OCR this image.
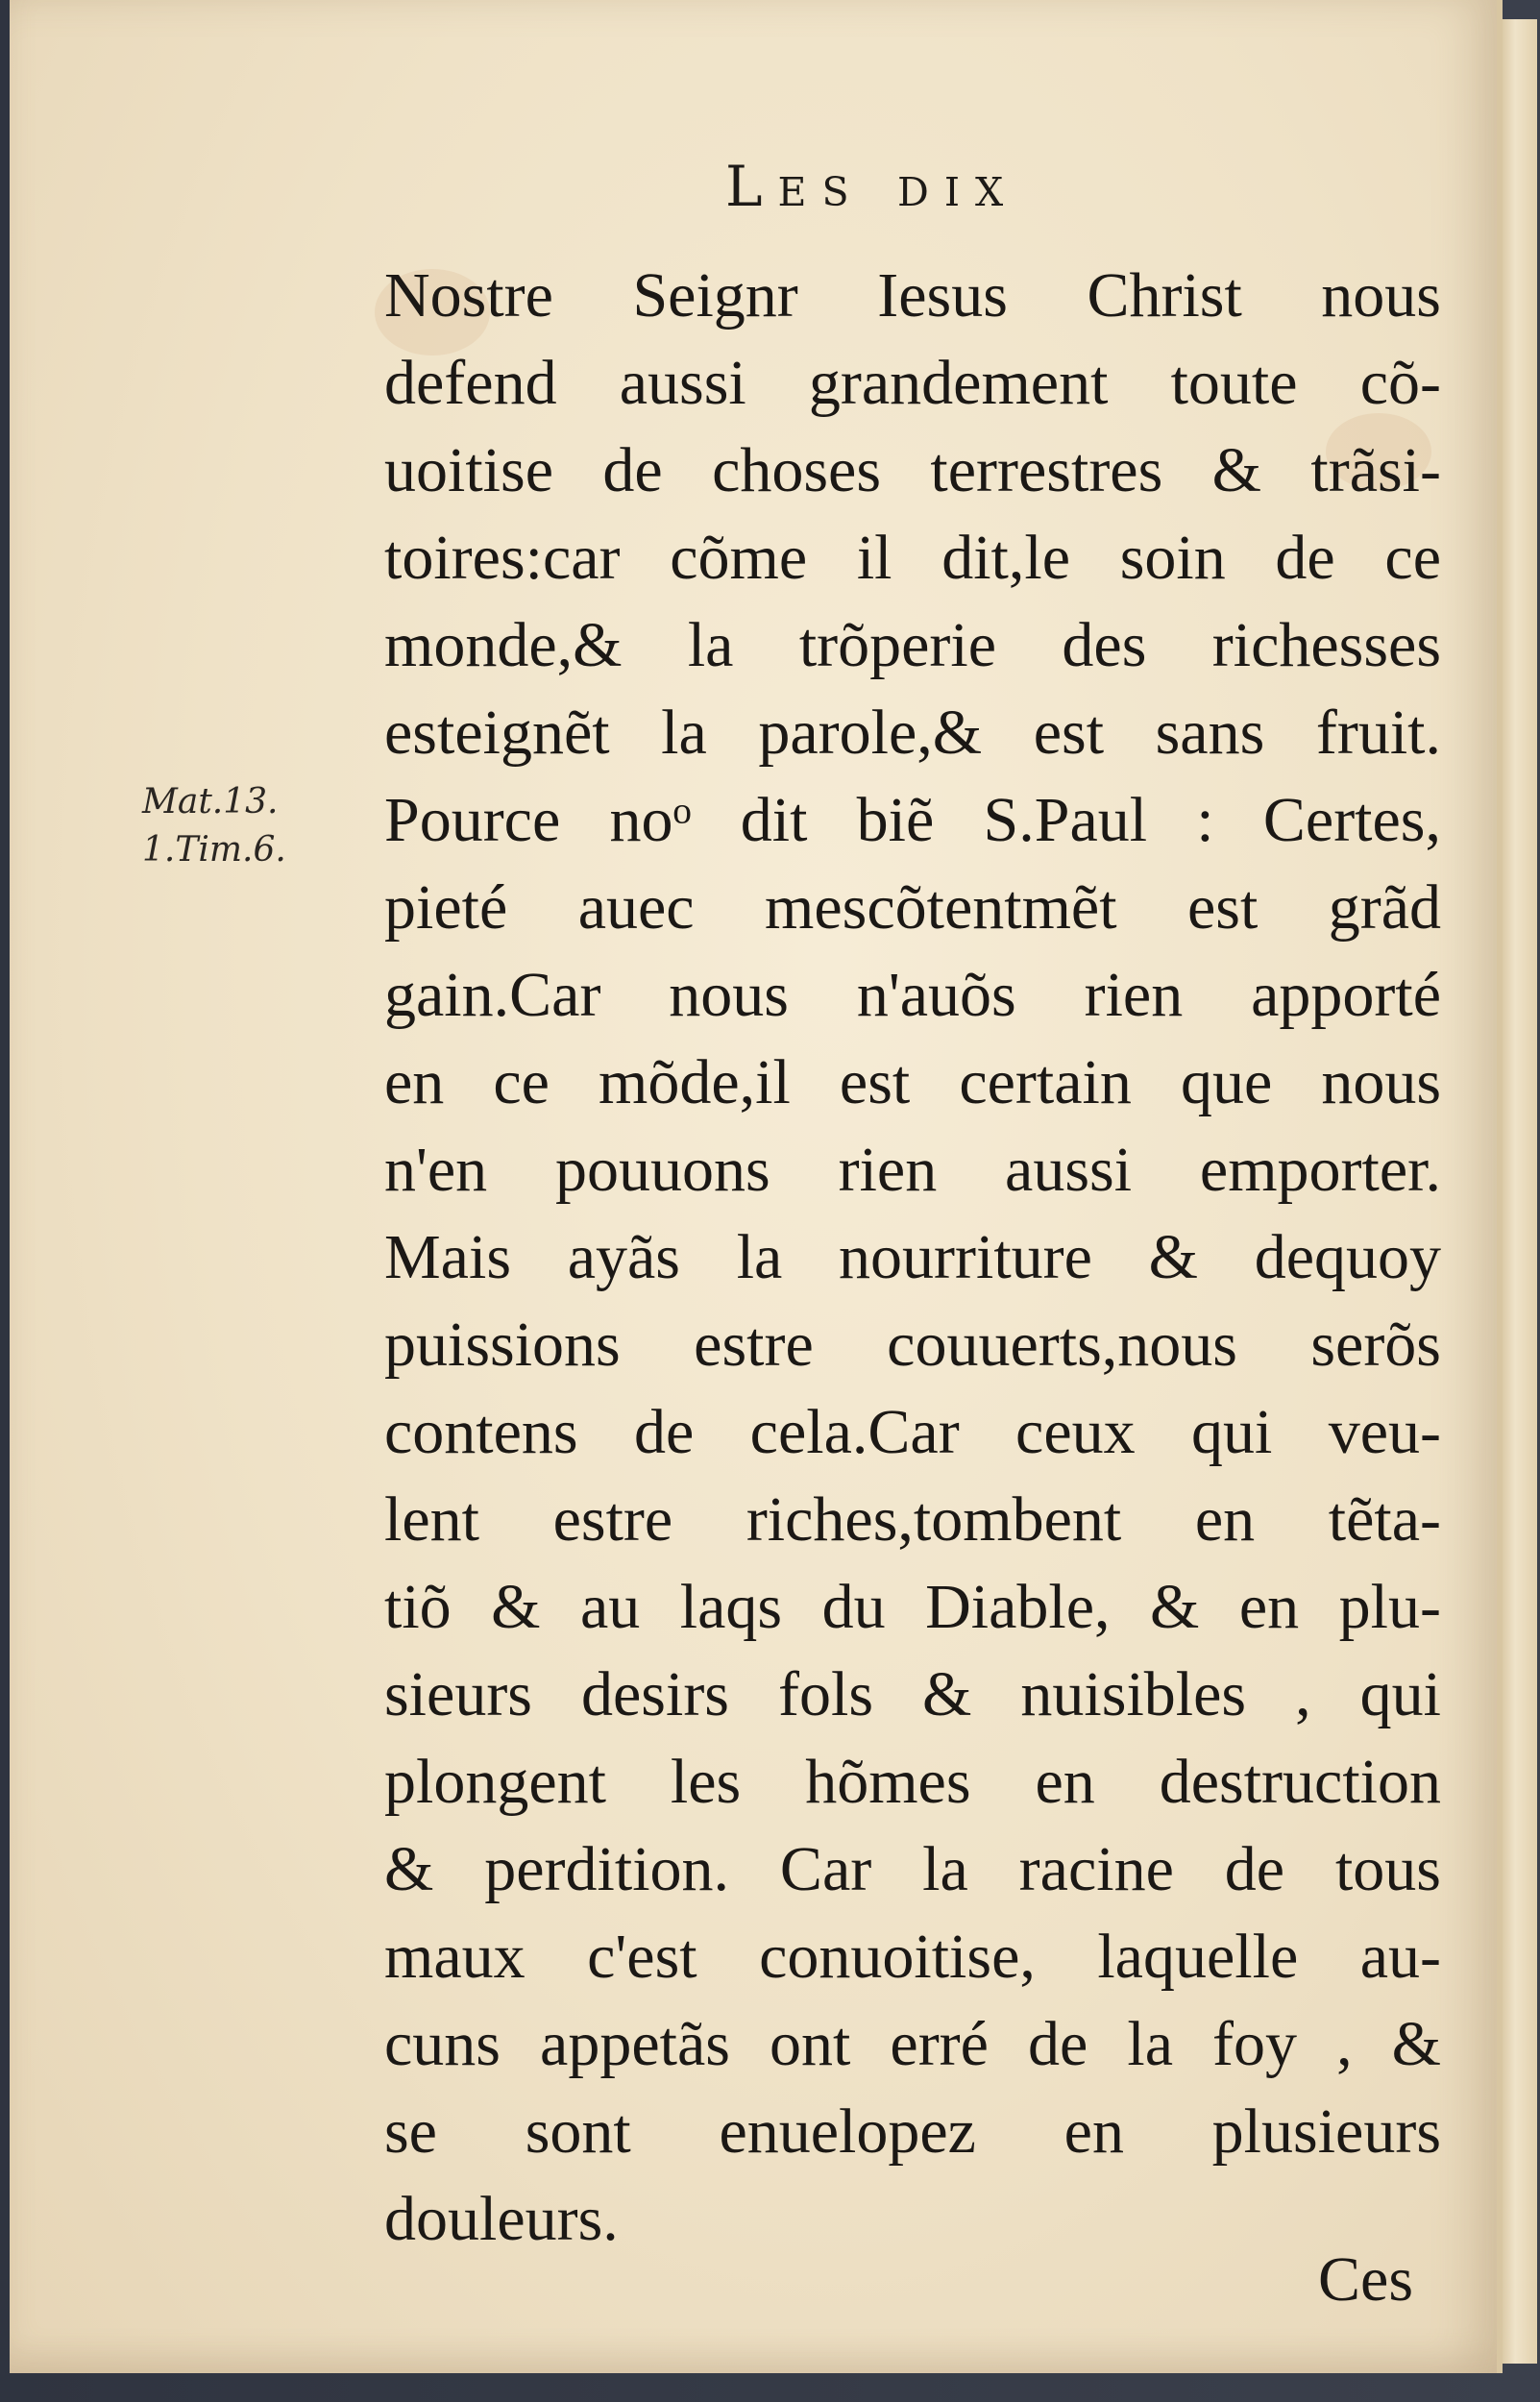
Les dix
Mat.13.
1.Tim.6.
Nostre Seignr Iesus Christ nous
defend aussi grandement toute cõ-
uoitise de choses terrestres & trãsi-
toires:car cõme il dit,le soin de ce
monde,& la trõperie des richesses
esteignẽt la parole,& est sans fruit.
Pource noᵒ dit biẽ S.Paul : Certes,
pieté auec mescõtentmẽt est grãd
gain.Car nous n'auõs rien apporté
en ce mõde,il est certain que nous
n'en pouuons rien aussi emporter.
Mais ayãs la nourriture & dequoy
puissions estre couuerts,nous serõs
contens de cela.Car ceux qui veu-
lent estre riches,tombent en tẽta-
tiõ & au laqs du Diable, & en plu-
sieurs desirs fols & nuisibles , qui
plongent les hõmes en destruction
& perdition. Car la racine de tous
maux c'est conuoitise, laquelle au-
cuns appetãs ont erré de la foy , &
se sont enuelopez en plusieurs
douleurs.
Ces
